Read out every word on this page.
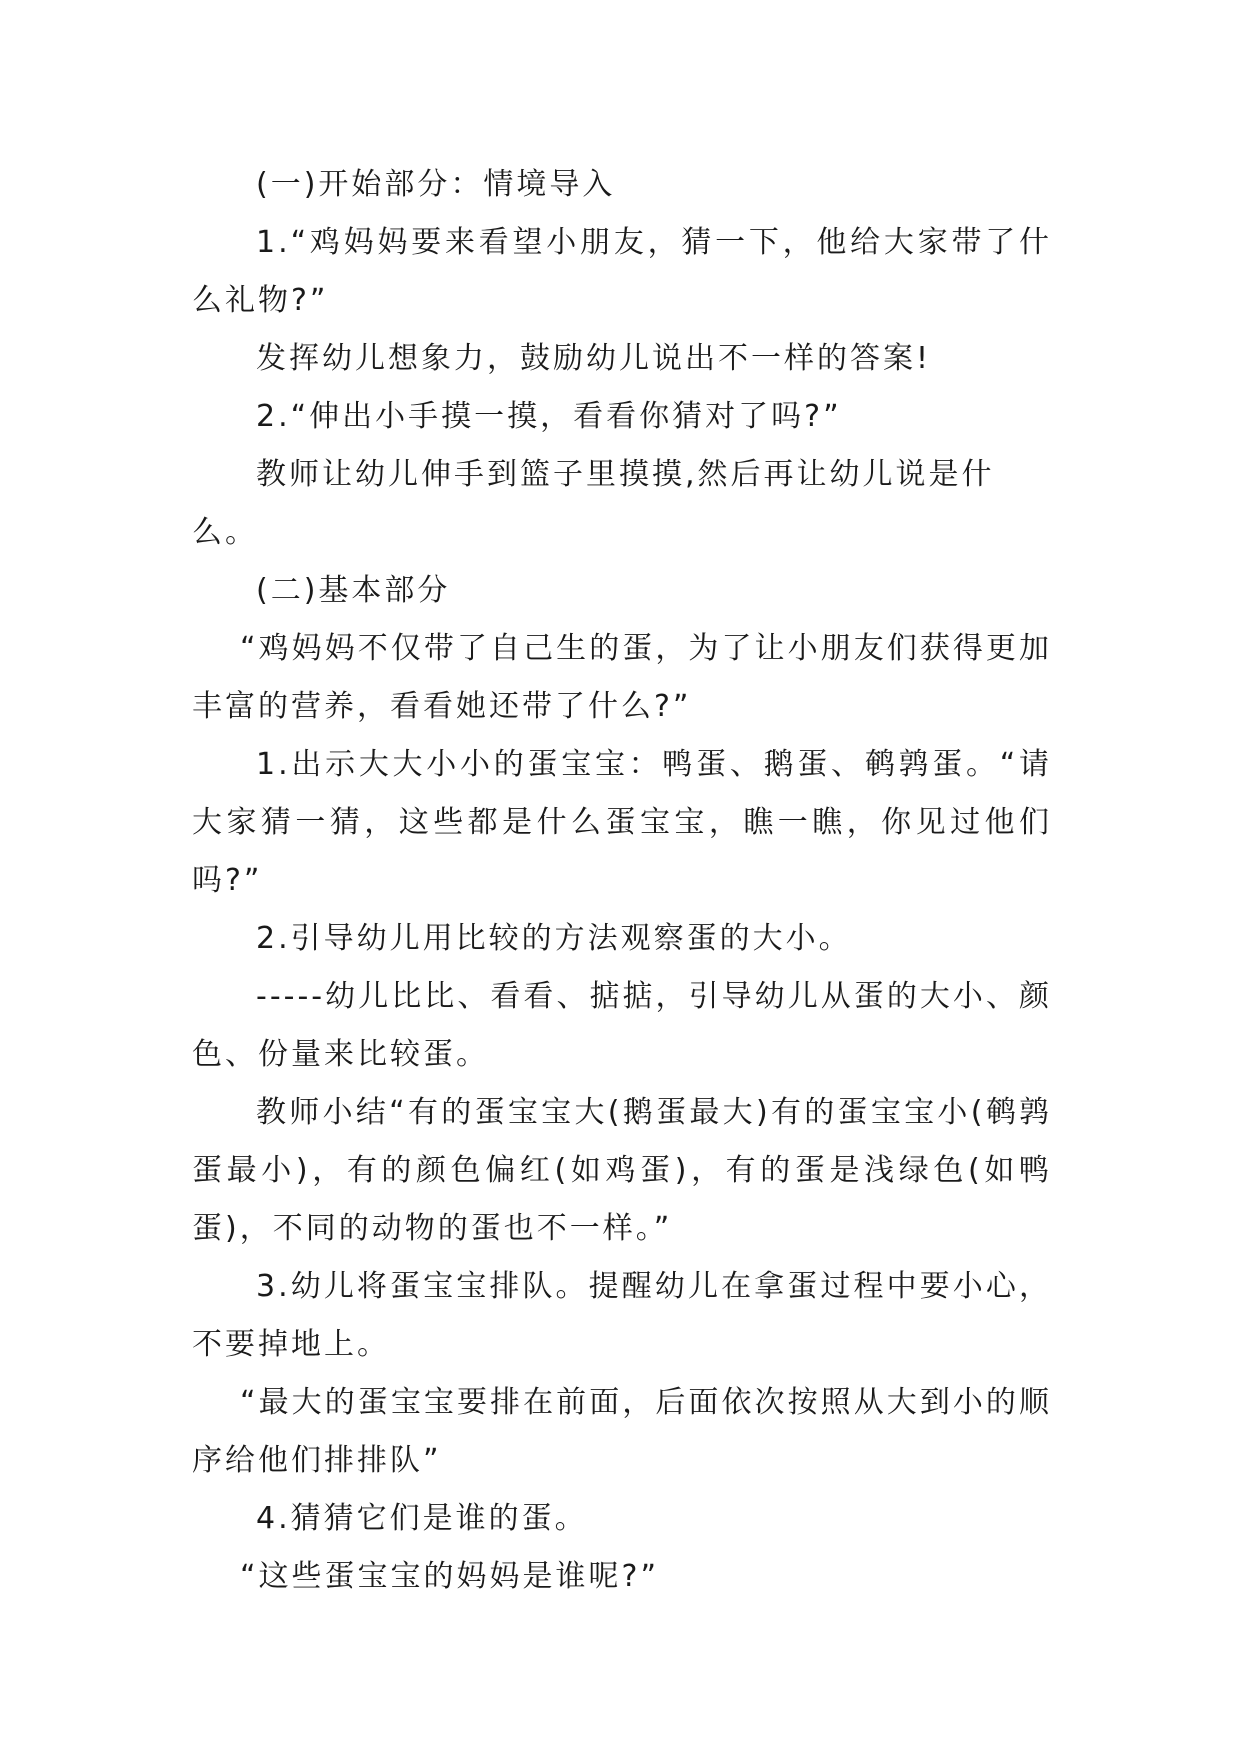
(一)开始部分：情境导入

1.“鸡妈妈要来看望小朋友，猜一下，他给大家带了什么礼物?”

发挥幼儿想象力，鼓励幼儿说出不一样的答案!

2.“伸出小手摸一摸，看看你猜对了吗?”

教师让幼儿伸手到篮子里摸摸,然后再让幼儿说是什么。

(二)基本部分

“鸡妈妈不仅带了自己生的蛋，为了让小朋友们获得更加丰富的营养，看看她还带了什么?”

1.出示大大小小的蛋宝宝：鸭蛋、鹅蛋、鹌鹑蛋。“请大家猜一猜，这些都是什么蛋宝宝，瞧一瞧，你见过他们吗?”

2.引导幼儿用比较的方法观察蛋的大小。

-----幼儿比比、看看、掂掂，引导幼儿从蛋的大小、颜色、份量来比较蛋。

教师小结“有的蛋宝宝大(鹅蛋最大)有的蛋宝宝小(鹌鹑蛋最小)，有的颜色偏红(如鸡蛋)，有的蛋是浅绿色(如鸭蛋)，不同的动物的蛋也不一样。”

3.幼儿将蛋宝宝排队。提醒幼儿在拿蛋过程中要小心，不要掉地上。

“最大的蛋宝宝要排在前面，后面依次按照从大到小的顺序给他们排排队”

4.猜猜它们是谁的蛋。

“这些蛋宝宝的妈妈是谁呢?”
